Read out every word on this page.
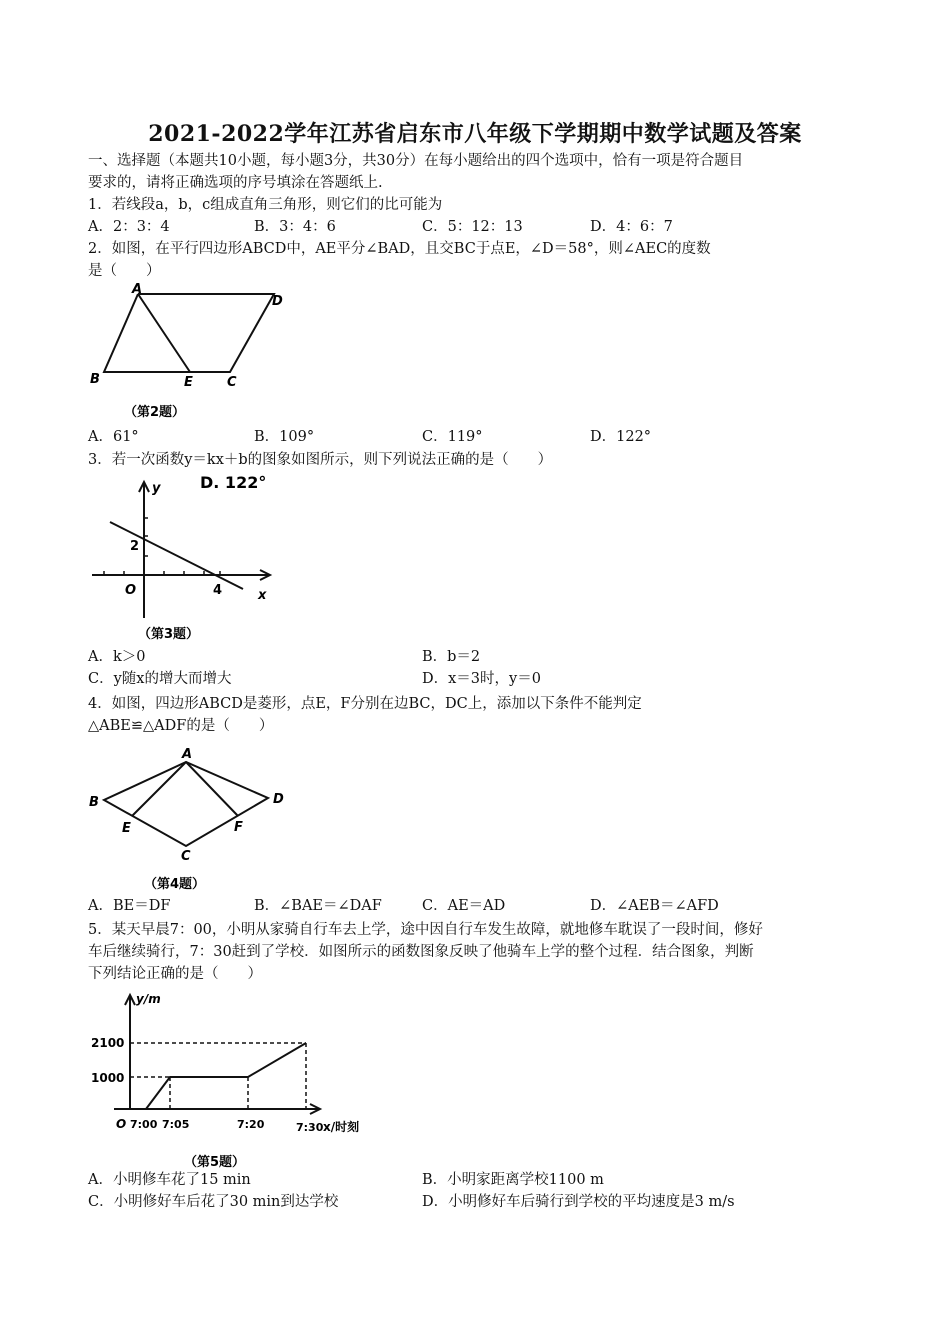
2021-2022学年江苏省启东市八年级下学期期中数学试题及答案
一、选择题（本题共10小题，每小题3分，共30分）在每小题给出的四个选项中，恰有一项是符合题目
要求的，请将正确选项的序号填涂在答题纸上.
1．若线段a，b，c组成直角三角形，则它们的比可能为
A．2：3：4	B．3：4：6	C．5：12：13	D．4：6：7
2．如图，在平行四边形ABCD中，AE平分∠BAD，且交BC于点E，∠D＝58°，则∠AEC的度数
是（　　）
A
D
B	E	C
（第2题）
A．61°	B．109°	C．119°	D．122°
3．若一次函数y＝kx＋b的图象如图所示，则下列说法正确的是（　　）
D. 122°
y
x
O
2
4
（第3题）
A．k＞0	B．b＝2
C．y随x的增大而增大	D．x＝3时，y＝0
4．如图，四边形ABCD是菱形，点E，F分别在边BC，DC上，添加以下条件不能判定
△ABE≌△ADF的是（　　）
A
B	D
E	F
C
（第4题）
A．BE＝DF	B．∠BAE＝∠DAF	C．AE＝AD	D．∠AEB＝∠AFD
5．某天早晨7：00，小明从家骑自行车去上学，途中因自行车发生故障，就地修车耽误了一段时间，修好
车后继续骑行，7：30赶到了学校．如图所示的函数图象反映了他骑车上学的整个过程．结合图象，判断
下列结论正确的是（　　）
y/m
2100
1000
O 7:00 7:05	7:20	7:30 x/时刻
（第5题）
A．小明修车花了15 min	B．小明家距离学校1100 m
C．小明修好车后花了30 min到达学校	D．小明修好车后骑行到学校的平均速度是3 m/s
